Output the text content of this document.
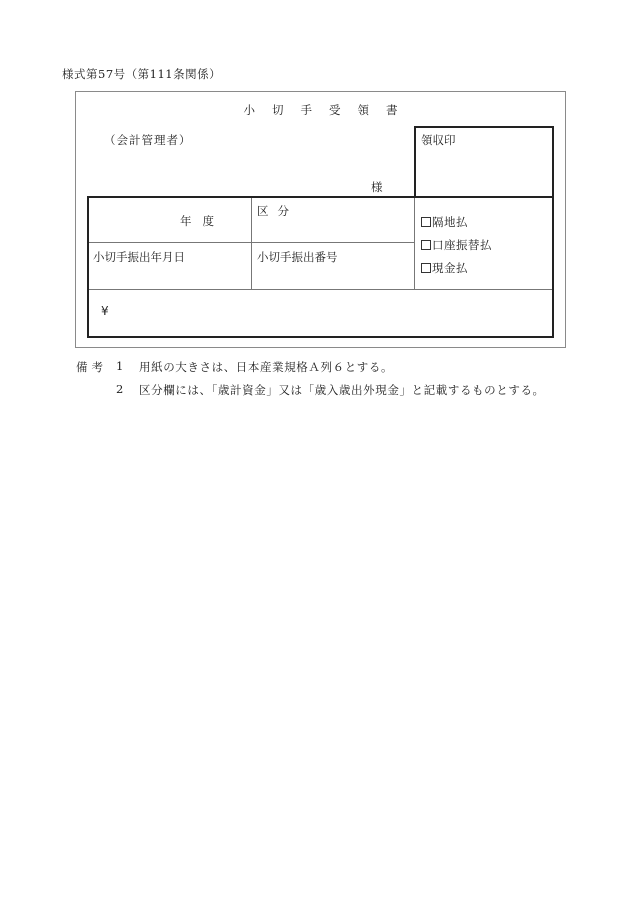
様式第57号（第111条関係）
小切手受領書
（会計管理者）
様
領収印
年度
区分
小切手振出年月日	小切手振出番号
隔地払
口座振替払
現金払
¥
備考 1 用紙の大きさは、日本産業規格Ａ列６とする。
2 区分欄には、「歳計資金」又は「歳入歳出外現金」と記載するものとする。
